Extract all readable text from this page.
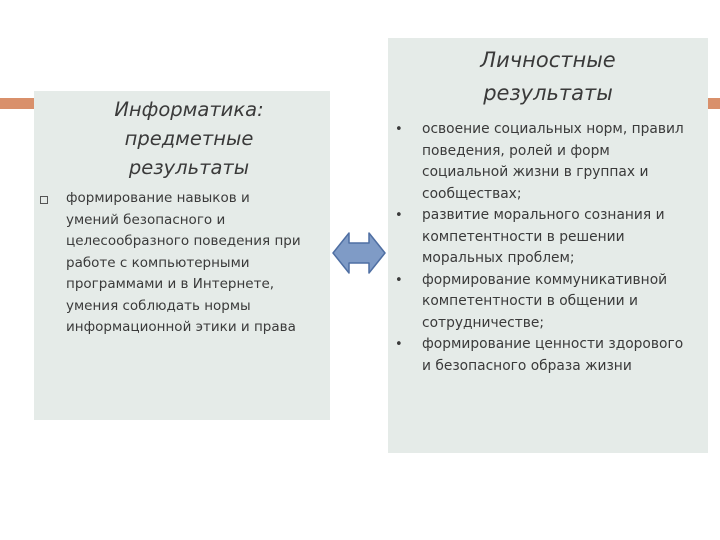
Информатика:
предметные
результаты
формирование навыков и
умений безопасного и
целесообразного поведения при
работе с компьютерными
программами и в Интернете,
умения соблюдать нормы
информационной этики и права
Личностные
результаты
• освоение социальных норм, правил
поведения, ролей и форм
социальной жизни в группах и
сообществах;
• развитие морального сознания и
компетентности в решении
моральных проблем;
• формирование коммуникативной
компетентности в общении и
сотрудничестве;
• формирование ценности здорового
и безопасного образа жизни
